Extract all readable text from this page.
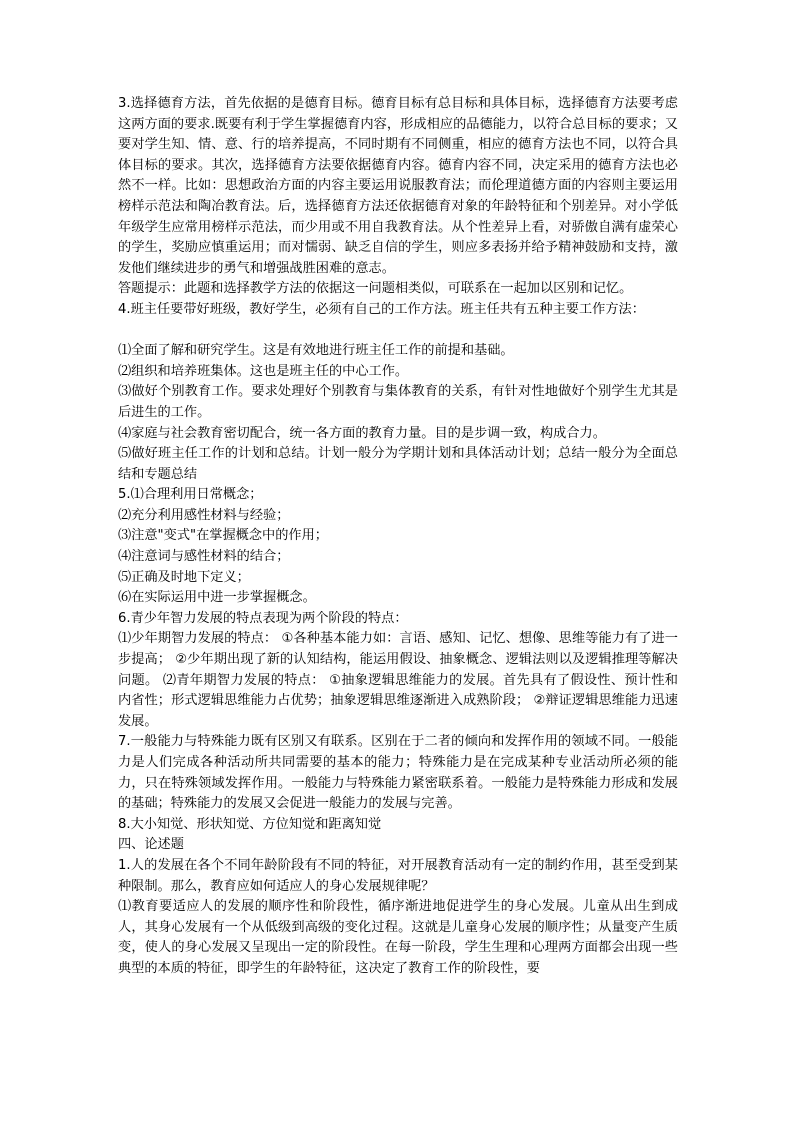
3.选择德育方法，首先依据的是德育目标。德育目标有总目标和具体目标，选择德育方法要考虑这两方面的要求.既要有利于学生掌握德育内容，形成相应的品德能力，以符合总目标的要求；又要对学生知、情、意、行的培养提高，不同时期有不同侧重，相应的德育方法也不同，以符合具体目标的要求。其次，选择德育方法要依据德育内容。德育内容不同，决定采用的德育方法也必然不一样。比如：思想政治方面的内容主要运用说服教育法；而伦理道德方面的内容则主要运用榜样示范法和陶冶教育法。后，选择德育方法还依据德育对象的年龄特征和个别差异。对小学低年级学生应常用榜样示范法，而少用或不用自我教育法。从个性差异上看，对骄傲自满有虚荣心的学生，奖励应慎重运用；而对懦弱、缺乏自信的学生，则应多表扬并给予精神鼓励和支持，激发他们继续进步的勇气和增强战胜困难的意志。

答题提示：此题和选择教学方法的依据这一问题相类似，可联系在一起加以区别和记忆。

4.班主任要带好班级，教好学生，必须有自己的工作方法。班主任共有五种主要工作方法：

⑴全面了解和研究学生。这是有效地进行班主任工作的前提和基础。

⑵组织和培养班集体。这也是班主任的中心工作。

⑶做好个别教育工作。要求处理好个别教育与集体教育的关系，有针对性地做好个别学生尤其是后进生的工作。

⑷家庭与社会教育密切配合，统一各方面的教育力量。目的是步调一致，构成合力。

⑸做好班主任工作的计划和总结。计划一般分为学期计划和具体活动计划；总结一般分为全面总结和专题总结

5.⑴合理利用日常概念；

⑵充分利用感性材料与经验；

⑶注意"变式"在掌握概念中的作用；

⑷注意词与感性材料的结合；

⑸正确及时地下定义；

⑹在实际运用中进一步掌握概念。

6.青少年智力发展的特点表现为两个阶段的特点：

⑴少年期智力发展的特点： ①各种基本能力如：言语、感知、记忆、想像、思维等能力有了进一步提高； ②少年期出现了新的认知结构，能运用假设、抽象概念、逻辑法则以及逻辑推理等解决问题。 ⑵青年期智力发展的特点： ①抽象逻辑思维能力的发展。首先具有了假设性、预计性和内省性；形式逻辑思维能力占优势；抽象逻辑思维逐渐进入成熟阶段； ②辩证逻辑思维能力迅速发展。

7.一般能力与特殊能力既有区别又有联系。区别在于二者的倾向和发挥作用的领域不同。一般能力是人们完成各种活动所共同需要的基本的能力；特殊能力是在完成某种专业活动所必须的能力，只在特殊领域发挥作用。一般能力与特殊能力紧密联系着。一般能力是特殊能力形成和发展的基础；特殊能力的发展又会促进一般能力的发展与完善。

8.大小知觉、形状知觉、方位知觉和距离知觉

四、论述题

1.人的发展在各个不同年龄阶段有不同的特征，对开展教育活动有一定的制约作用，甚至受到某种限制。那么，教育应如何适应人的身心发展规律呢？

⑴教育要适应人的发展的顺序性和阶段性，循序渐进地促进学生的身心发展。儿童从出生到成人，其身心发展有一个从低级到高级的变化过程。这就是儿童身心发展的顺序性；从量变产生质变，使人的身心发展又呈现出一定的阶段性。在每一阶段，学生生理和心理两方面都会出现一些典型的本质的特征，即学生的年龄特征，这决定了教育工作的阶段性，要
